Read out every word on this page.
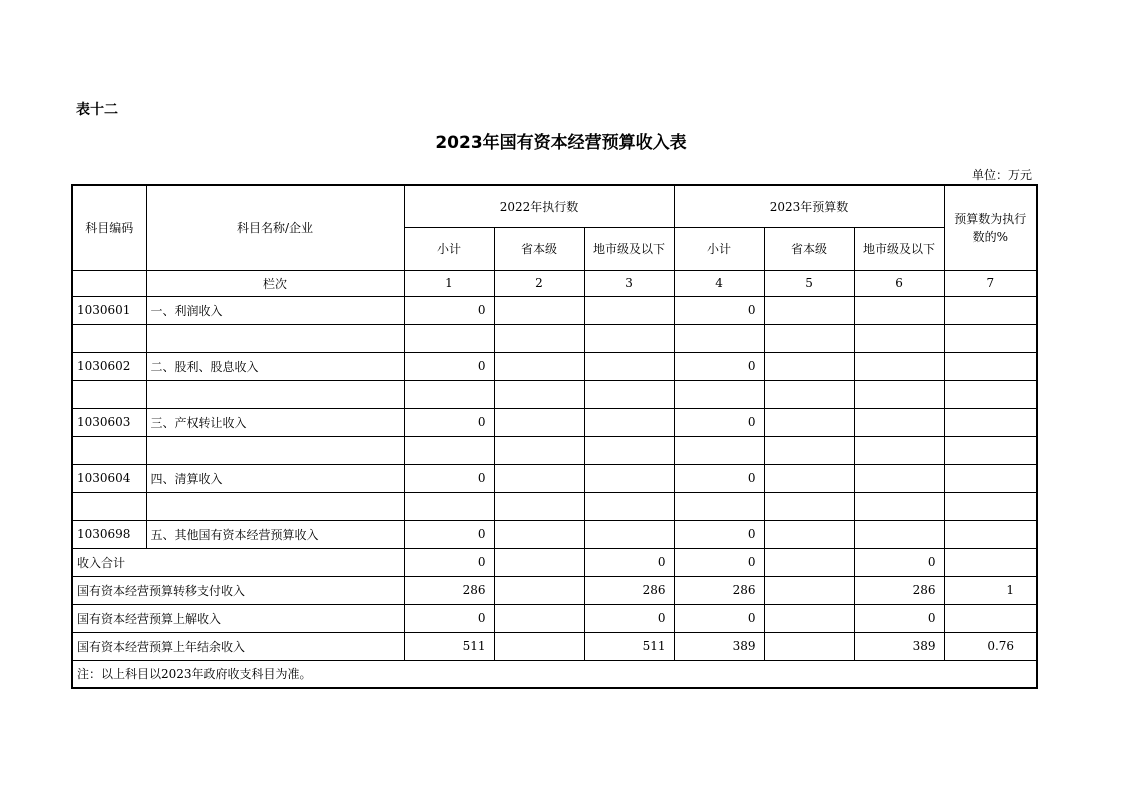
表十二
2023年国有资本经营预算收入表
单位：万元
科目编码	科目名称/企业	2022年执行数			2023年预算数			预算数为执行数的%
		小计	省本级	地市级及以下	小计	省本级	地市级及以下	
	栏次	1	2	3	4	5	6	7
1030601	一、利润收入	0			0			

1030602	二、股利、股息收入	0			0			

1030603	三、产权转让收入	0			0			

1030604	四、清算收入	0			0			

1030698	五、其他国有资本经营预算收入	0			0			
收入合计		0		0	0		0	
国有资本经营预算转移支付收入		286		286	286		286	1
国有资本经营预算上解收入		0		0	0		0	
国有资本经营预算上年结余收入		511		511	389		389	0.76
注：以上科目以2023年政府收支科目为准。								
